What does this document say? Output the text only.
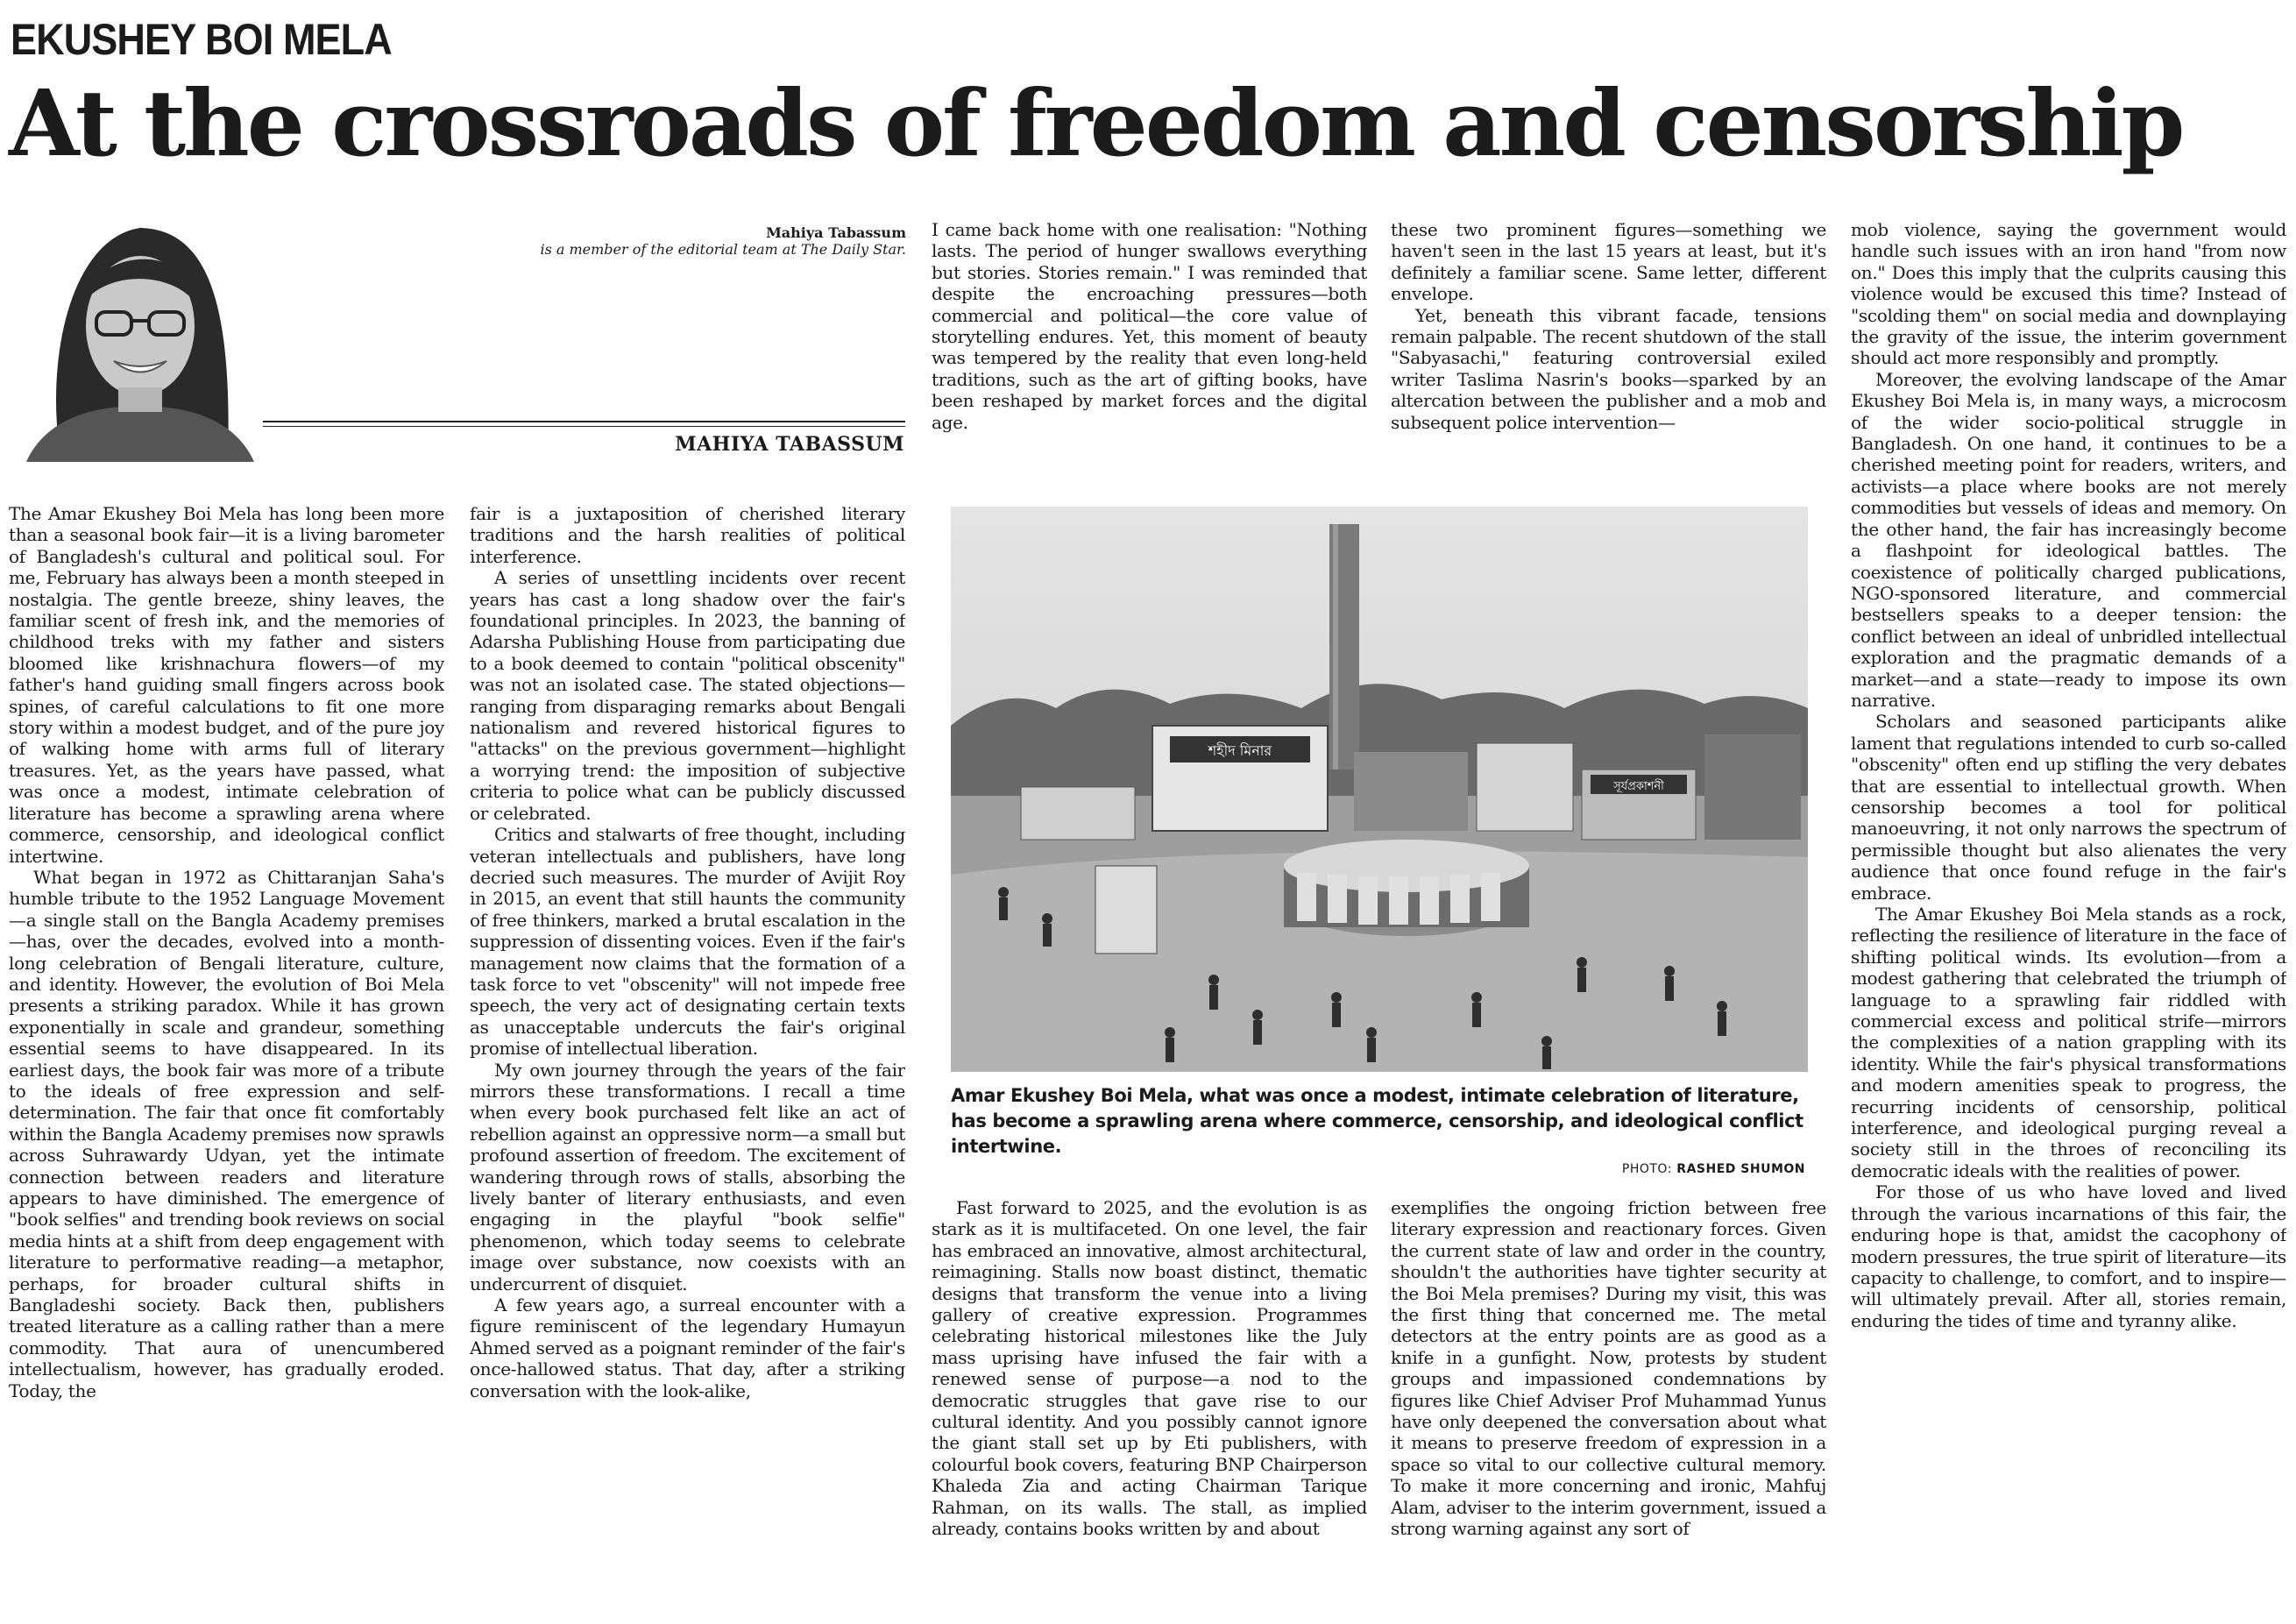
EKUSHEY BOI MELA
At the crossroads of freedom and censorship
Mahiya Tabassum
is a member of the editorial team at The Daily Star.
MAHIYA TABASSUM

The Amar Ekushey Boi Mela has long been more than a seasonal book fair—it is a living barometer of Bangladesh's cultural and political soul. For me, February has always been a month steeped in nostalgia. The gentle breeze, shiny leaves, the familiar scent of fresh ink, and the memories of childhood treks with my father and sisters bloomed like krishnachura flowers—of my father's hand guiding small fingers across book spines, of careful calculations to fit one more story within a modest budget, and of the pure joy of walking home with arms full of literary treasures. Yet, as the years have passed, what was once a modest, intimate celebration of literature has become a sprawling arena where commerce, censorship, and ideological conflict intertwine.

What began in 1972 as Chittaranjan Saha's humble tribute to the 1952 Language Movement—a single stall on the Bangla Academy premises—has, over the decades, evolved into a month-long celebration of Bengali literature, culture, and identity. However, the evolution of Boi Mela presents a striking paradox. While it has grown exponentially in scale and grandeur, something essential seems to have disappeared. In its earliest days, the book fair was more of a tribute to the ideals of free expression and self-determination. The fair that once fit comfortably within the Bangla Academy premises now sprawls across Suhrawardy Udyan, yet the intimate connection between readers and literature appears to have diminished. The emergence of "book selfies" and trending book reviews on social media hints at a shift from deep engagement with literature to performative reading—a metaphor, perhaps, for broader cultural shifts in Bangladeshi society. Back then, publishers treated literature as a calling rather than a mere commodity. That aura of unencumbered intellectualism, however, has gradually eroded. Today, the

fair is a juxtaposition of cherished literary traditions and the harsh realities of political interference.

A series of unsettling incidents over recent years has cast a long shadow over the fair's foundational principles. In 2023, the banning of Adarsha Publishing House from participating due to a book deemed to contain "political obscenity" was not an isolated case. The stated objections—ranging from disparaging remarks about Bengali nationalism and revered historical figures to "attacks" on the previous government—highlight a worrying trend: the imposition of subjective criteria to police what can be publicly discussed or celebrated.

Critics and stalwarts of free thought, including veteran intellectuals and publishers, have long decried such measures. The murder of Avijit Roy in 2015, an event that still haunts the community of free thinkers, marked a brutal escalation in the suppression of dissenting voices. Even if the fair's management now claims that the formation of a task force to vet "obscenity" will not impede free speech, the very act of designating certain texts as unacceptable undercuts the fair's original promise of intellectual liberation.

My own journey through the years of the fair mirrors these transformations. I recall a time when every book purchased felt like an act of rebellion against an oppressive norm—a small but profound assertion of freedom. The excitement of wandering through rows of stalls, absorbing the lively banter of literary enthusiasts, and even engaging in the playful "book selfie" phenomenon, which today seems to celebrate image over substance, now coexists with an undercurrent of disquiet.

A few years ago, a surreal encounter with a figure reminiscent of the legendary Humayun Ahmed served as a poignant reminder of the fair's once-hallowed status. That day, after a striking conversation with the look-alike,

I came back home with one realisation: "Nothing lasts. The period of hunger swallows everything but stories. Stories remain." I was reminded that despite the encroaching pressures—both commercial and political—the core value of storytelling endures. Yet, this moment of beauty was tempered by the reality that even long-held traditions, such as the art of gifting books, have been reshaped by market forces and the digital age.

these two prominent figures—something we haven't seen in the last 15 years at least, but it's definitely a familiar scene. Same letter, different envelope.

Yet, beneath this vibrant facade, tensions remain palpable. The recent shutdown of the stall "Sabyasachi," featuring controversial exiled writer Taslima Nasrin's books—sparked by an altercation between the publisher and a mob and subsequent police intervention—

শহীদ মিনার
সূর্যপ্রকাশনী
Amar Ekushey Boi Mela, what was once a modest, intimate celebration of literature, has become a sprawling arena where commerce, censorship, and ideological conflict intertwine.
PHOTO: RASHED SHUMON

Fast forward to 2025, and the evolution is as stark as it is multifaceted. On one level, the fair has embraced an innovative, almost architectural, reimagining. Stalls now boast distinct, thematic designs that transform the venue into a living gallery of creative expression. Programmes celebrating historical milestones like the July mass uprising have infused the fair with a renewed sense of purpose—a nod to the democratic struggles that gave rise to our cultural identity. And you possibly cannot ignore the giant stall set up by Eti publishers, with colourful book covers, featuring BNP Chairperson Khaleda Zia and acting Chairman Tarique Rahman, on its walls. The stall, as implied already, contains books written by and about

exemplifies the ongoing friction between free literary expression and reactionary forces. Given the current state of law and order in the country, shouldn't the authorities have tighter security at the Boi Mela premises? During my visit, this was the first thing that concerned me. The metal detectors at the entry points are as good as a knife in a gunfight. Now, protests by student groups and impassioned condemnations by figures like Chief Adviser Prof Muhammad Yunus have only deepened the conversation about what it means to preserve freedom of expression in a space so vital to our collective cultural memory. To make it more concerning and ironic, Mahfuj Alam, adviser to the interim government, issued a strong warning against any sort of

mob violence, saying the government would handle such issues with an iron hand "from now on." Does this imply that the culprits causing this violence would be excused this time? Instead of "scolding them" on social media and downplaying the gravity of the issue, the interim government should act more responsibly and promptly.

Moreover, the evolving landscape of the Amar Ekushey Boi Mela is, in many ways, a microcosm of the wider socio-political struggle in Bangladesh. On one hand, it continues to be a cherished meeting point for readers, writers, and activists—a place where books are not merely commodities but vessels of ideas and memory. On the other hand, the fair has increasingly become a flashpoint for ideological battles. The coexistence of politically charged publications, NGO-sponsored literature, and commercial bestsellers speaks to a deeper tension: the conflict between an ideal of unbridled intellectual exploration and the pragmatic demands of a market—and a state—ready to impose its own narrative.

Scholars and seasoned participants alike lament that regulations intended to curb so-called "obscenity" often end up stifling the very debates that are essential to intellectual growth. When censorship becomes a tool for political manoeuvring, it not only narrows the spectrum of permissible thought but also alienates the very audience that once found refuge in the fair's embrace.

The Amar Ekushey Boi Mela stands as a rock, reflecting the resilience of literature in the face of shifting political winds. Its evolution—from a modest gathering that celebrated the triumph of language to a sprawling fair riddled with commercial excess and political strife—mirrors the complexities of a nation grappling with its identity. While the fair's physical transformations and modern amenities speak to progress, the recurring incidents of censorship, political interference, and ideological purging reveal a society still in the throes of reconciling its democratic ideals with the realities of power.

For those of us who have loved and lived through the various incarnations of this fair, the enduring hope is that, amidst the cacophony of modern pressures, the true spirit of literature—its capacity to challenge, to comfort, and to inspire—will ultimately prevail. After all, stories remain, enduring the tides of time and tyranny alike.
